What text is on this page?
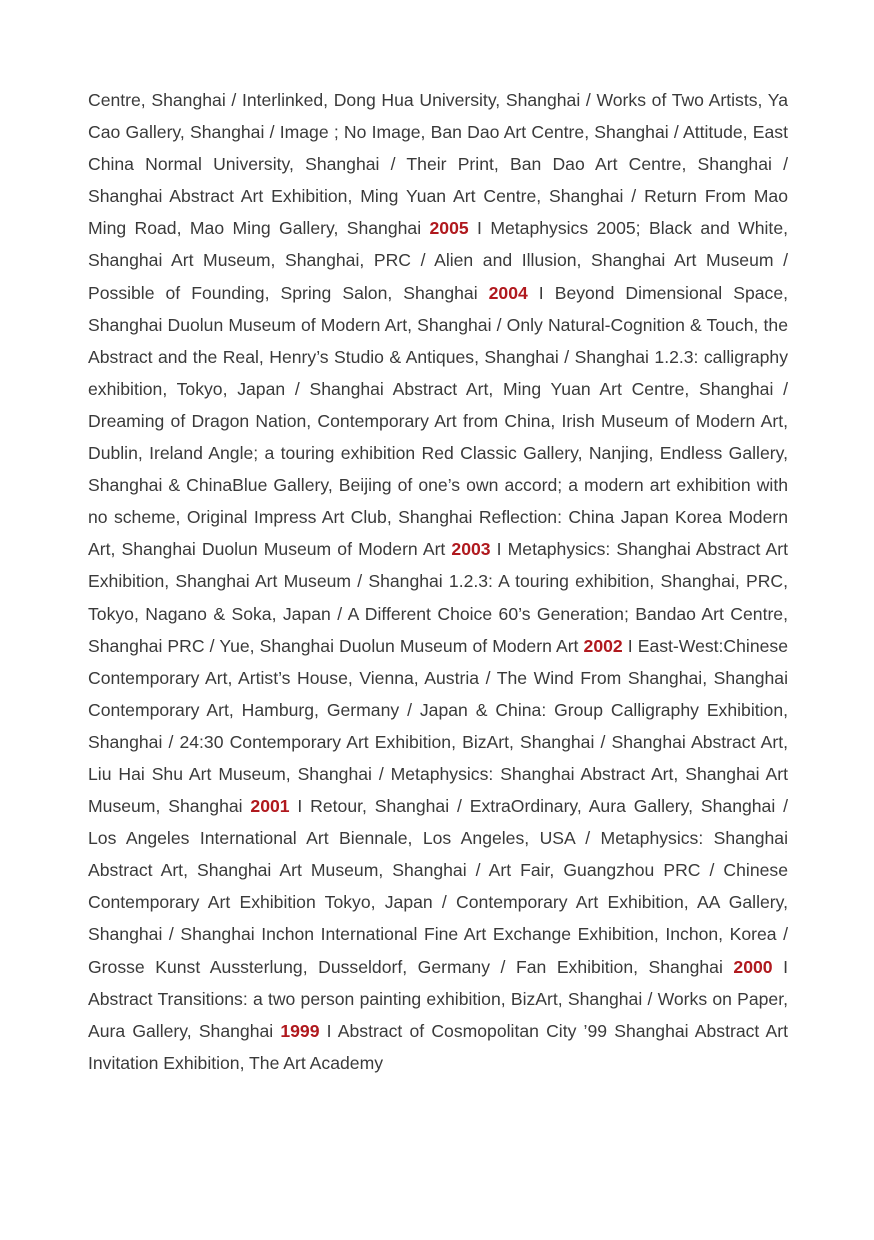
Centre, Shanghai / Interlinked, Dong Hua University, Shanghai / Works of Two Artists, Ya Cao Gallery, Shanghai / Image ; No Image, Ban Dao Art Centre, Shanghai / Attitude, East China Normal University, Shanghai / Their Print, Ban Dao Art Centre, Shanghai / Shanghai Abstract Art Exhibition, Ming Yuan Art Centre, Shanghai / Return From Mao Ming Road, Mao Ming Gallery, Shanghai 2005 I Metaphysics 2005; Black and White, Shanghai Art Museum, Shanghai, PRC / Alien and Illusion, Shanghai Art Museum / Possible of Founding, Spring Salon, Shanghai 2004 I Beyond Dimensional Space, Shanghai Duolun Museum of Modern Art, Shanghai / Only Natural-Cognition & Touch, the Abstract and the Real, Henry’s Studio & Antiques, Shanghai / Shanghai 1.2.3: calligraphy exhibition, Tokyo, Japan / Shanghai Abstract Art, Ming Yuan Art Centre, Shanghai / Dreaming of Dragon Nation, Contemporary Art from China, Irish Museum of Modern Art, Dublin, Ireland Angle; a touring exhibition Red Classic Gallery, Nanjing, Endless Gallery, Shanghai & ChinaBlue Gallery, Beijing of one’s own accord; a modern art exhibition with no scheme, Original Impress Art Club, Shanghai Reflection: China Japan Korea Modern Art, Shanghai Duolun Museum of Modern Art 2003 I Metaphysics: Shanghai Abstract Art Exhibition, Shanghai Art Museum / Shanghai 1.2.3: A touring exhibition, Shanghai, PRC, Tokyo, Nagano & Soka, Japan / A Different Choice 60’s Generation; Bandao Art Centre, Shanghai PRC / Yue, Shanghai Duolun Museum of Modern Art 2002 I East-West:Chinese Contemporary Art, Artist’s House, Vienna, Austria / The Wind From Shanghai, Shanghai Contemporary Art, Hamburg, Germany / Japan & China: Group Calligraphy Exhibition, Shanghai / 24:30 Contemporary Art Exhibition, BizArt, Shanghai / Shanghai Abstract Art, Liu Hai Shu Art Museum, Shanghai / Metaphysics: Shanghai Abstract Art, Shanghai Art Museum, Shanghai 2001 I Retour, Shanghai / ExtraOrdinary, Aura Gallery, Shanghai / Los Angeles International Art Biennale, Los Angeles, USA / Metaphysics: Shanghai Abstract Art, Shanghai Art Museum, Shanghai / Art Fair, Guangzhou PRC / Chinese Contemporary Art Exhibition Tokyo, Japan / Contemporary Art Exhibition, AA Gallery, Shanghai / Shanghai Inchon International Fine Art Exchange Exhibition, Inchon, Korea / Grosse Kunst Aussterlung, Dusseldorf, Germany / Fan Exhibition, Shanghai 2000 I Abstract Transitions: a two person painting exhibition, BizArt, Shanghai / Works on Paper, Aura Gallery, Shanghai 1999 I Abstract of Cosmopolitan City ’99 Shanghai Abstract Art Invitation Exhibition, The Art Academy
